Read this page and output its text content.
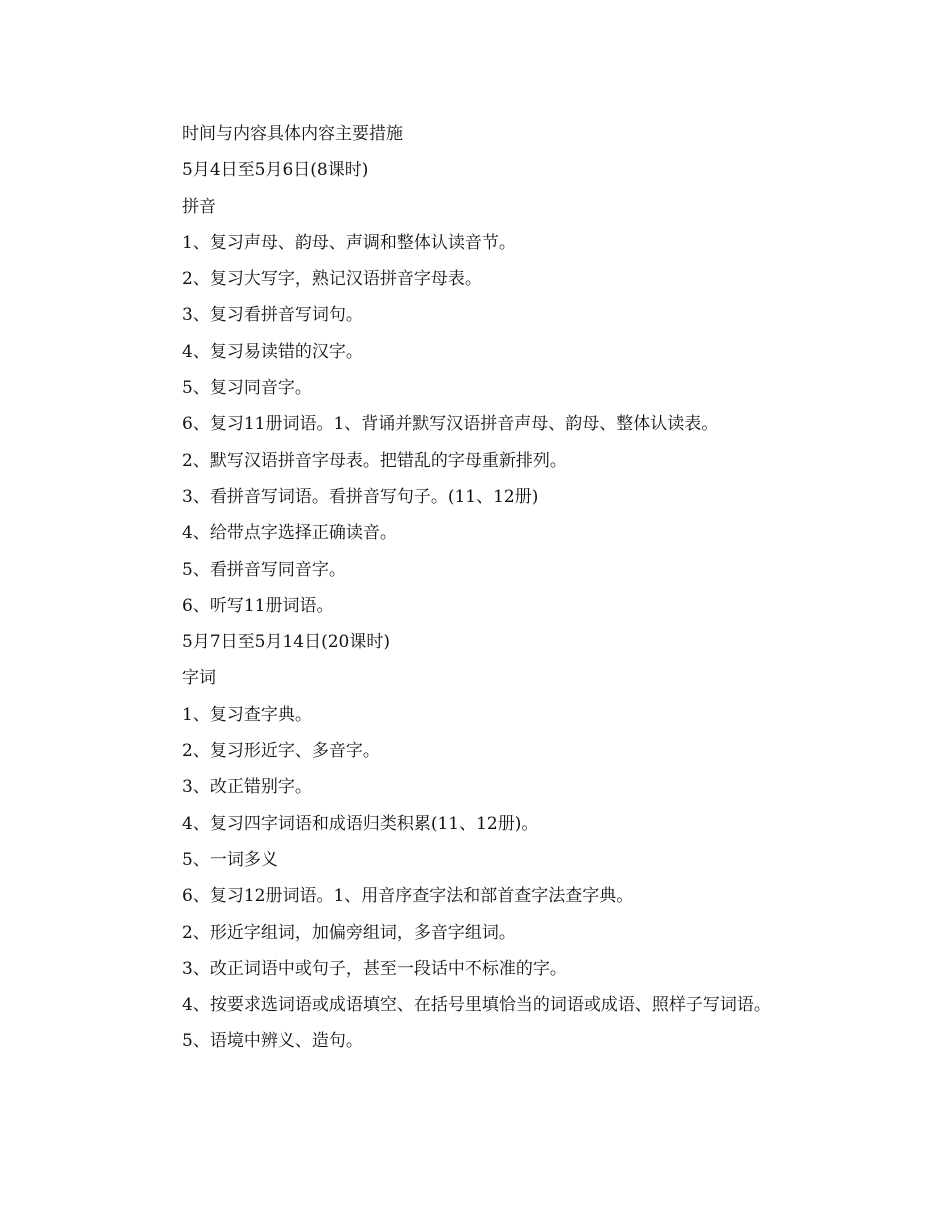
时间与内容具体内容主要措施

5月4日至5月6日(8课时)

拼音

1、复习声母、韵母、声调和整体认读音节。

2、复习大写字，熟记汉语拼音字母表。

3、复习看拼音写词句。

4、复习易读错的汉字。

5、复习同音字。

6、复习11册词语。1、背诵并默写汉语拼音声母、韵母、整体认读表。

2、默写汉语拼音字母表。把错乱的字母重新排列。

3、看拼音写词语。看拼音写句子。(11、12册)

4、给带点字选择正确读音。

5、看拼音写同音字。

6、听写11册词语。

5月7日至5月14日(20课时)

字词

1、复习查字典。

2、复习形近字、多音字。

3、改正错别字。

4、复习四字词语和成语归类积累(11、12册)。

5、一词多义

6、复习12册词语。1、用音序查字法和部首查字法查字典。

2、形近字组词，加偏旁组词，多音字组词。

3、改正词语中或句子，甚至一段话中不标准的字。

4、按要求选词语或成语填空、在括号里填恰当的词语或成语、照样子写词语。

5、语境中辨义、造句。
